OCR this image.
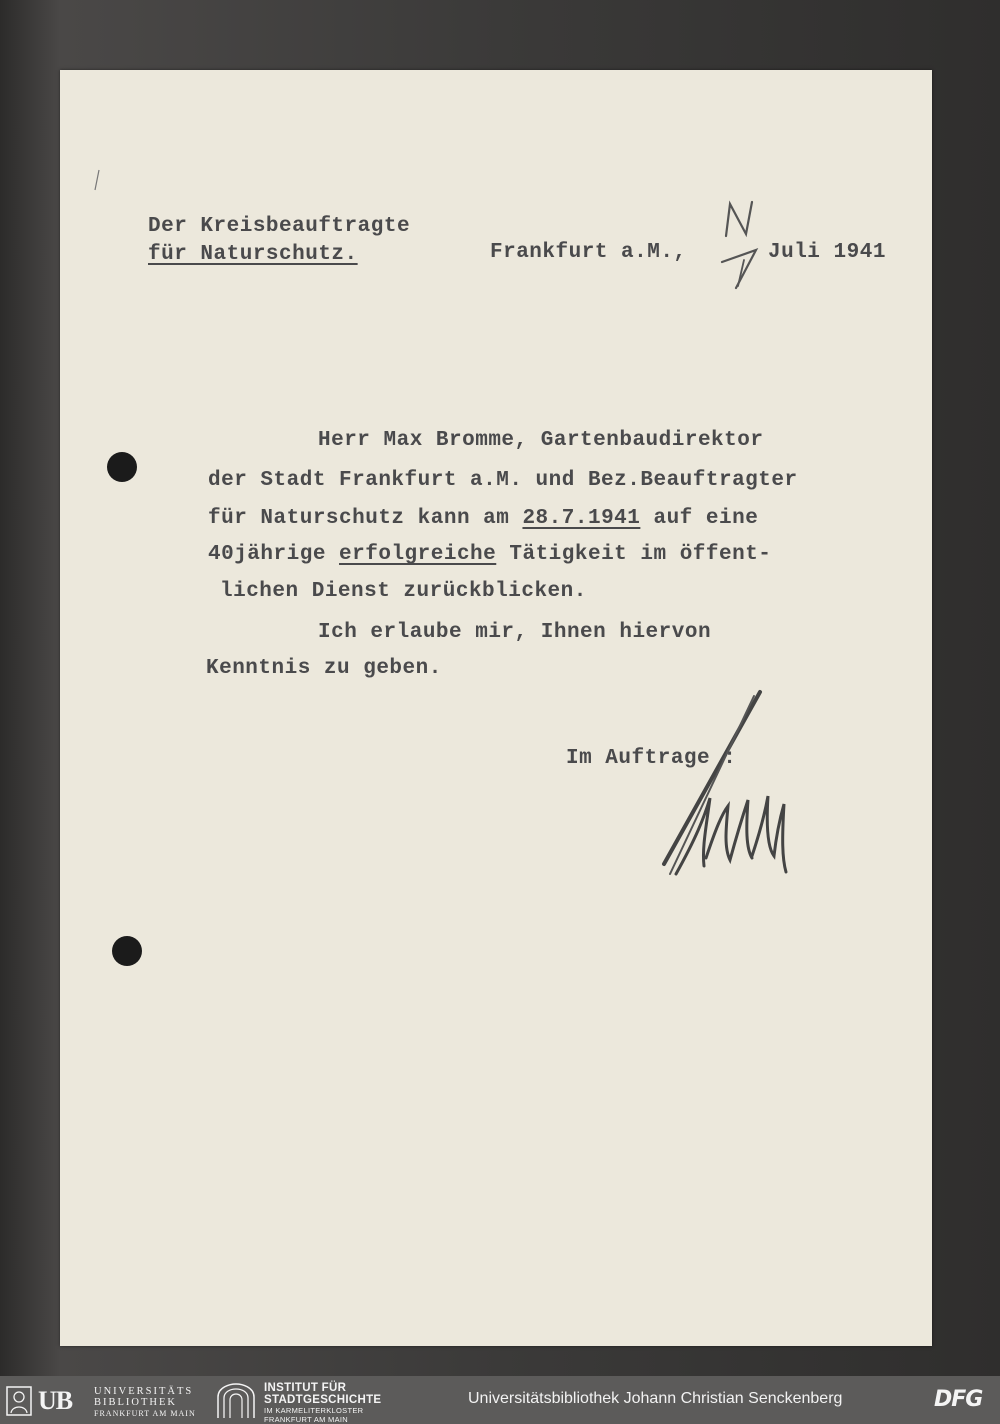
Der Kreisbeauftragte
für Naturschutz.	Frankfurt a.M.,	Juli 1941
Herr Max Bromme, Gartenbaudirektor
der Stadt Frankfurt a.M. und Bez.Beauftragter
für Naturschutz kann am 28.7.1941 auf eine
40jährige erfolgreiche Tätigkeit im öffent-
lichen Dienst zurückblicken.
Ich erlaube mir, Ihnen hiervon
Kenntnis zu geben.
Im Auftrage :
UB UNIVERSITÄTS
BIBLIOTHEK
FRANKFURT AM MAIN
INSTITUT FÜR
STADTGESCHICHTE
IM KARMELITERKLOSTER
FRANKFURT AM MAIN
Universitätsbibliothek Johann Christian Senckenberg	DFG
